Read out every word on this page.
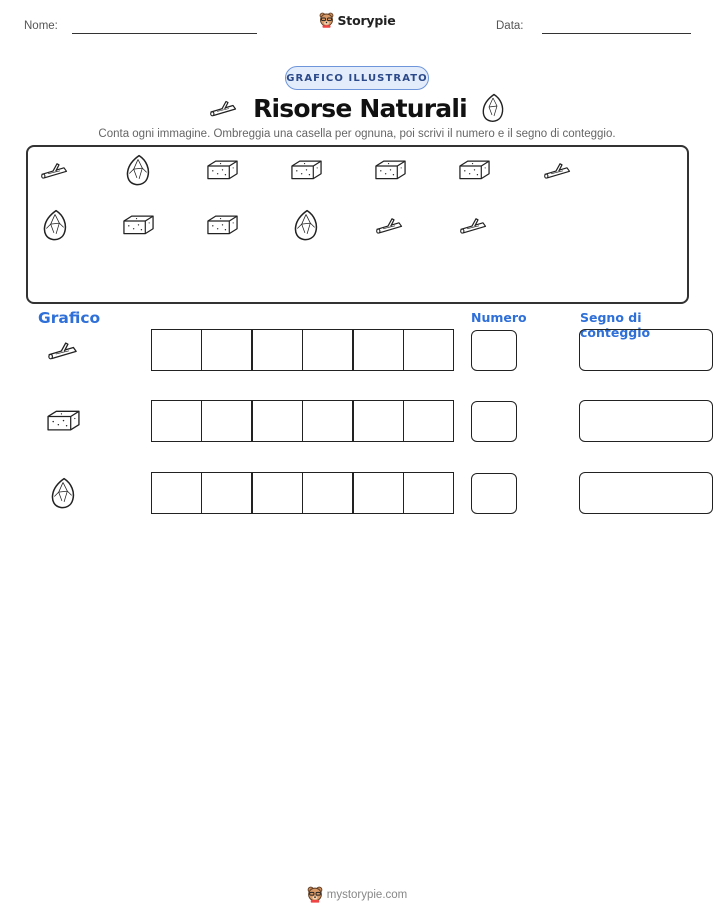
Nome:	Storypie	Data:
GRAFICO ILLUSTRATO
Risorse Naturali
Conta ogni immagine. Ombreggia una casella per ognuna, poi scrivi il numero e il segno di conteggio.
Grafico	Numero	Segno di conteggio
mystorypie.com
